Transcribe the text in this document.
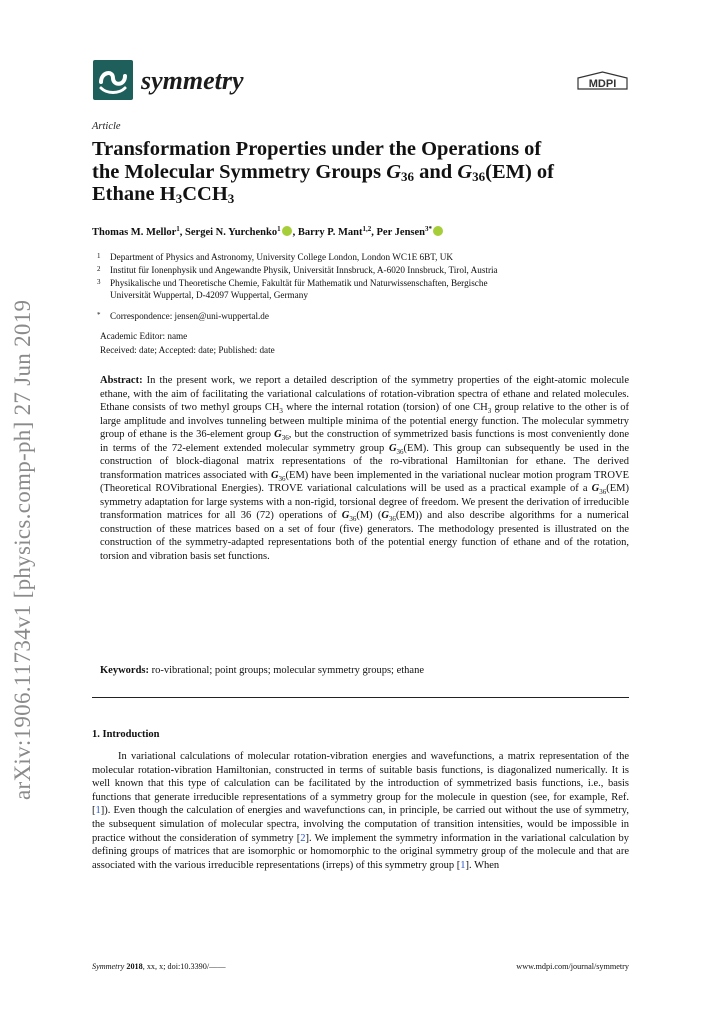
arXiv:1906.11734v1 [physics.comp-ph] 27 Jun 2019
symmetry	MDPI
Article
Transformation Properties under the Operations of
the Molecular Symmetry Groups $G_{36}$ and $G_{36}(EM)$ of
Ethane $H_3CCH_3$
Thomas M. Mellor$^1$, Sergei N. Yurchenko$^1$ , Barry P. Mant$^{1,2}$, Per Jensen$^{3*}$
1 Department of Physics and Astronomy, University College London, London WC1E 6BT, UK
2 Institut für Ionenphysik und Angewandte Physik, Universität Innsbruck, A-6020 Innsbruck, Tirol, Austria
3 Physikalische und Theoretische Chemie, Fakultät für Mathematik und Naturwissenschaften, Bergische
Universität Wuppertal, D-42097 Wuppertal, Germany
* Correspondence: jensen@uni-wuppertal.de
Academic Editor: name
Received: date; Accepted: date; Published: date
Abstract: In the present work, we report a detailed description of the symmetry properties of the eight-atomic molecule ethane, with the aim of facilitating the variational calculations of rotation-vibration spectra of ethane and related molecules. Ethane consists of two methyl groups $CH_3$ where the internal rotation (torsion) of one $CH_3$ group relative to the other is of large amplitude and involves tunneling between multiple minima of the potential energy function. The molecular symmetry group of ethane is the 36-element group $G_{36}$, but the construction of symmetrized basis functions is most conveniently done in terms of the 72-element extended molecular symmetry group $G_{36}(EM)$. This group can subsequently be used in the construction of block-diagonal matrix representations of the ro-vibrational Hamiltonian for ethane. The derived transformation matrices associated with $G_{36}(EM)$ have been implemented in the variational nuclear motion program TROVE (Theoretical ROVibrational Energies). TROVE variational calculations will be used as a practical example of a $G_{36}(EM)$ symmetry adaptation for large systems with a non-rigid, torsional degree of freedom. We present the derivation of irreducible transformation matrices for all 36 (72) operations of $G_{36}(M)$ $(G_{36}(EM))$ and also describe algorithms for a numerical construction of these matrices based on a set of four (five) generators. The methodology presented is illustrated on the construction of the symmetry-adapted representations both of the potential energy function of ethane and of the rotation, torsion and vibration basis set functions.
Keywords: ro-vibrational; point groups; molecular symmetry groups; ethane
1. Introduction
In variational calculations of molecular rotation-vibration energies and wavefunctions, a matrix representation of the molecular rotation-vibration Hamiltonian, constructed in terms of suitable basis functions, is diagonalized numerically. It is well known that this type of calculation can be facilitated by the introduction of symmetrized basis functions, i.e., basis functions that generate irreducible representations of a symmetry group for the molecule in question (see, for example, Ref. [1]). Even though the calculation of energies and wavefunctions can, in principle, be carried out without the use of symmetry, the subsequent simulation of molecular spectra, involving the computation of transition intensities, would be impossible in practice without the consideration of symmetry [2]. We implement the symmetry information in the variational calculation by defining groups of matrices that are isomorphic or homomorphic to the original symmetry group of the molecule and that are associated with the various irreducible representations (irreps) of this symmetry group [1]. When
Symmetry 2018, xx, x; doi:10.3390/——	www.mdpi.com/journal/symmetry
